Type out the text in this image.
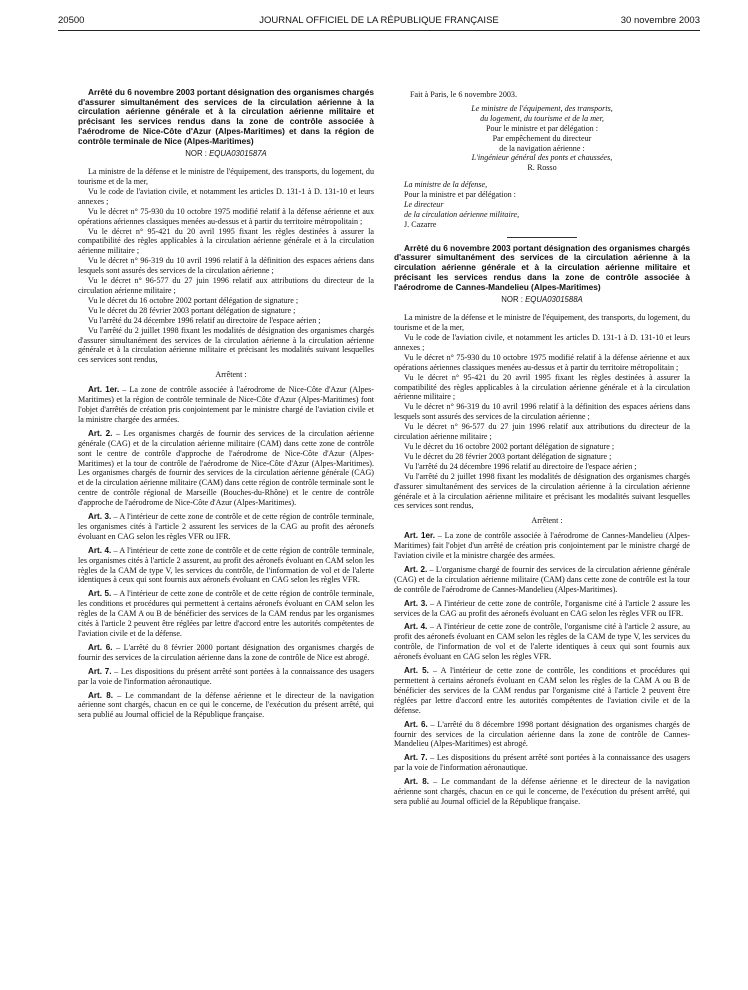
20500	JOURNAL OFFICIEL DE LA RÉPUBLIQUE FRANÇAISE	30 novembre 2003

Arrêté du 6 novembre 2003 portant désignation des organismes chargés d'assurer simultanément des services de la circulation aérienne à la circulation aérienne générale et à la circulation aérienne militaire et précisant les services rendus dans la zone de contrôle associée à l'aérodrome de Nice-Côte d'Azur (Alpes-Maritimes) et dans la région de contrôle terminale de Nice (Alpes-Maritimes)

NOR : EQUA0301587A

La ministre de la défense et le ministre de l'équipement, des transports, du logement, du tourisme et de la mer,

Vu le code de l'aviation civile, et notamment les articles D. 131-1 à D. 131-10 et leurs annexes ;

Vu le décret n° 75-930 du 10 octobre 1975 modifié relatif à la défense aérienne et aux opérations aériennes classiques menées au-dessus et à partir du territoire métropolitain ;

Vu le décret n° 95-421 du 20 avril 1995 fixant les règles destinées à assurer la compatibilité des règles applicables à la circulation aérienne générale et à la circulation aérienne militaire ;

Vu le décret n° 96-319 du 10 avril 1996 relatif à la définition des espaces aériens dans lesquels sont assurés des services de la circulation aérienne ;

Vu le décret n° 96-577 du 27 juin 1996 relatif aux attributions du directeur de la circulation aérienne militaire ;

Vu le décret du 16 octobre 2002 portant délégation de signature ;

Vu le décret du 28 février 2003 portant délégation de signature ;

Vu l'arrêté du 24 décembre 1996 relatif au directoire de l'espace aérien ;

Vu l'arrêté du 2 juillet 1998 fixant les modalités de désignation des organismes chargés d'assurer simultanément des services de la circulation aérienne à la circulation aérienne générale et à la circulation aérienne militaire et précisant les modalités suivant lesquelles ces services sont rendus,

Arrêtent :

Art. 1er. – La zone de contrôle associée à l'aérodrome de Nice-Côte d'Azur (Alpes-Maritimes) et la région de contrôle terminale de Nice-Côte d'Azur (Alpes-Maritimes) font l'objet d'arrêtés de création pris conjointement par le ministre chargé de l'aviation civile et la ministre chargée des armées.

Art. 2. – Les organismes chargés de fournir des services de la circulation aérienne générale (CAG) et de la circulation aérienne militaire (CAM) dans cette zone de contrôle sont le centre de contrôle d'approche de l'aérodrome de Nice-Côte d'Azur (Alpes-Maritimes) et la tour de contrôle de l'aérodrome de Nice-Côte d'Azur (Alpes-Maritimes). Les organismes chargés de fournir des services de la circulation aérienne générale (CAG) et de la circulation aérienne militaire (CAM) dans cette région de contrôle terminale sont le centre de contrôle régional de Marseille (Bouches-du-Rhône) et le centre de contrôle d'approche de l'aérodrome de Nice-Côte d'Azur (Alpes-Maritimes).

Art. 3. – A l'intérieur de cette zone de contrôle et de cette région de contrôle terminale, les organismes cités à l'article 2 assurent les services de la CAG au profit des aéronefs évoluant en CAG selon les règles VFR ou IFR.

Art. 4. – A l'intérieur de cette zone de contrôle et de cette région de contrôle terminale, les organismes cités à l'article 2 assurent, au profit des aéronefs évoluant en CAM selon les règles de la CAM de type V, les services du contrôle, de l'information de vol et de l'alerte identiques à ceux qui sont fournis aux aéronefs évoluant en CAG selon les règles VFR.

Art. 5. – A l'intérieur de cette zone de contrôle et de cette région de contrôle terminale, les conditions et procédures qui permettent à certains aéronefs évoluant en CAM selon les règles de la CAM A ou B de bénéficier des services de la CAM rendus par les organismes cités à l'article 2 peuvent être réglées par lettre d'accord entre les autorités compétentes de l'aviation civile et de la défense.

Art. 6. – L'arrêté du 8 février 2000 portant désignation des organismes chargés de fournir des services de la circulation aérienne dans la zone de contrôle de Nice est abrogé.

Art. 7. – Les dispositions du présent arrêté sont portées à la connaissance des usagers par la voie de l'information aéronautique.

Art. 8. – Le commandant de la défense aérienne et le directeur de la navigation aérienne sont chargés, chacun en ce qui le concerne, de l'exécution du présent arrêté, qui sera publié au Journal officiel de la République française.

Fait à Paris, le 6 novembre 2003.

Le ministre de l'équipement, des transports,

du logement, du tourisme et de la mer,

Pour le ministre et par délégation :

Par empêchement du directeur

de la navigation aérienne :

L'ingénieur général des ponts et chaussées,

R. Rosso

La ministre de la défense,

Pour la ministre et par délégation :

Le directeur

de la circulation aérienne militaire,

J. Cazarre

Arrêté du 6 novembre 2003 portant désignation des organismes chargés d'assurer simultanément des services de la circulation aérienne à la circulation aérienne générale et à la circulation aérienne militaire et précisant les services rendus dans la zone de contrôle associée à l'aérodrome de Cannes-Mandelieu (Alpes-Maritimes)

NOR : EQUA0301588A

La ministre de la défense et le ministre de l'équipement, des transports, du logement, du tourisme et de la mer,

Vu le code de l'aviation civile, et notamment les articles D. 131-1 à D. 131-10 et leurs annexes ;

Vu le décret n° 75-930 du 10 octobre 1975 modifié relatif à la défense aérienne et aux opérations aériennes classiques menées au-dessus et à partir du territoire métropolitain ;

Vu le décret n° 95-421 du 20 avril 1995 fixant les règles destinées à assurer la compatibilité des règles applicables à la circulation aérienne générale et à la circulation aérienne militaire ;

Vu le décret n° 96-319 du 10 avril 1996 relatif à la définition des espaces aériens dans lesquels sont assurés des services de la circulation aérienne ;

Vu le décret n° 96-577 du 27 juin 1996 relatif aux attributions du directeur de la circulation aérienne militaire ;

Vu le décret du 16 octobre 2002 portant délégation de signature ;

Vu le décret du 28 février 2003 portant délégation de signature ;

Vu l'arrêté du 24 décembre 1996 relatif au directoire de l'espace aérien ;

Vu l'arrêté du 2 juillet 1998 fixant les modalités de désignation des organismes chargés d'assurer simultanément des services de la circulation aérienne à la circulation aérienne générale et à la circulation aérienne militaire et précisant les modalités suivant lesquelles ces services sont rendus,

Arrêtent :

Art. 1er. – La zone de contrôle associée à l'aérodrome de Cannes-Mandelieu (Alpes-Maritimes) fait l'objet d'un arrêté de création pris conjointement par le ministre chargé de l'aviation civile et la ministre chargée des armées.

Art. 2. – L'organisme chargé de fournir des services de la circulation aérienne générale (CAG) et de la circulation aérienne militaire (CAM) dans cette zone de contrôle est la tour de contrôle de l'aérodrome de Cannes-Mandelieu (Alpes-Maritimes).

Art. 3. – A l'intérieur de cette zone de contrôle, l'organisme cité à l'article 2 assure les services de la CAG au profit des aéronefs évoluant en CAG selon les règles VFR ou IFR.

Art. 4. – A l'intérieur de cette zone de contrôle, l'organisme cité à l'article 2 assure, au profit des aéronefs évoluant en CAM selon les règles de la CAM de type V, les services du contrôle, de l'information de vol et de l'alerte identiques à ceux qui sont fournis aux aéronefs évoluant en CAG selon les règles VFR.

Art. 5. – A l'intérieur de cette zone de contrôle, les conditions et procédures qui permettent à certains aéronefs évoluant en CAM selon les règles de la CAM A ou B de bénéficier des services de la CAM rendus par l'organisme cité à l'article 2 peuvent être réglées par lettre d'accord entre les autorités compétentes de l'aviation civile et de la défense.

Art. 6. – L'arrêté du 8 décembre 1998 portant désignation des organismes chargés de fournir des services de la circulation aérienne dans la zone de contrôle de Cannes-Mandelieu (Alpes-Maritimes) est abrogé.

Art. 7. – Les dispositions du présent arrêté sont portées à la connaissance des usagers par la voie de l'information aéronautique.

Art. 8. – Le commandant de la défense aérienne et le directeur de la navigation aérienne sont chargés, chacun en ce qui le concerne, de l'exécution du présent arrêté, qui sera publié au Journal officiel de la République française.
